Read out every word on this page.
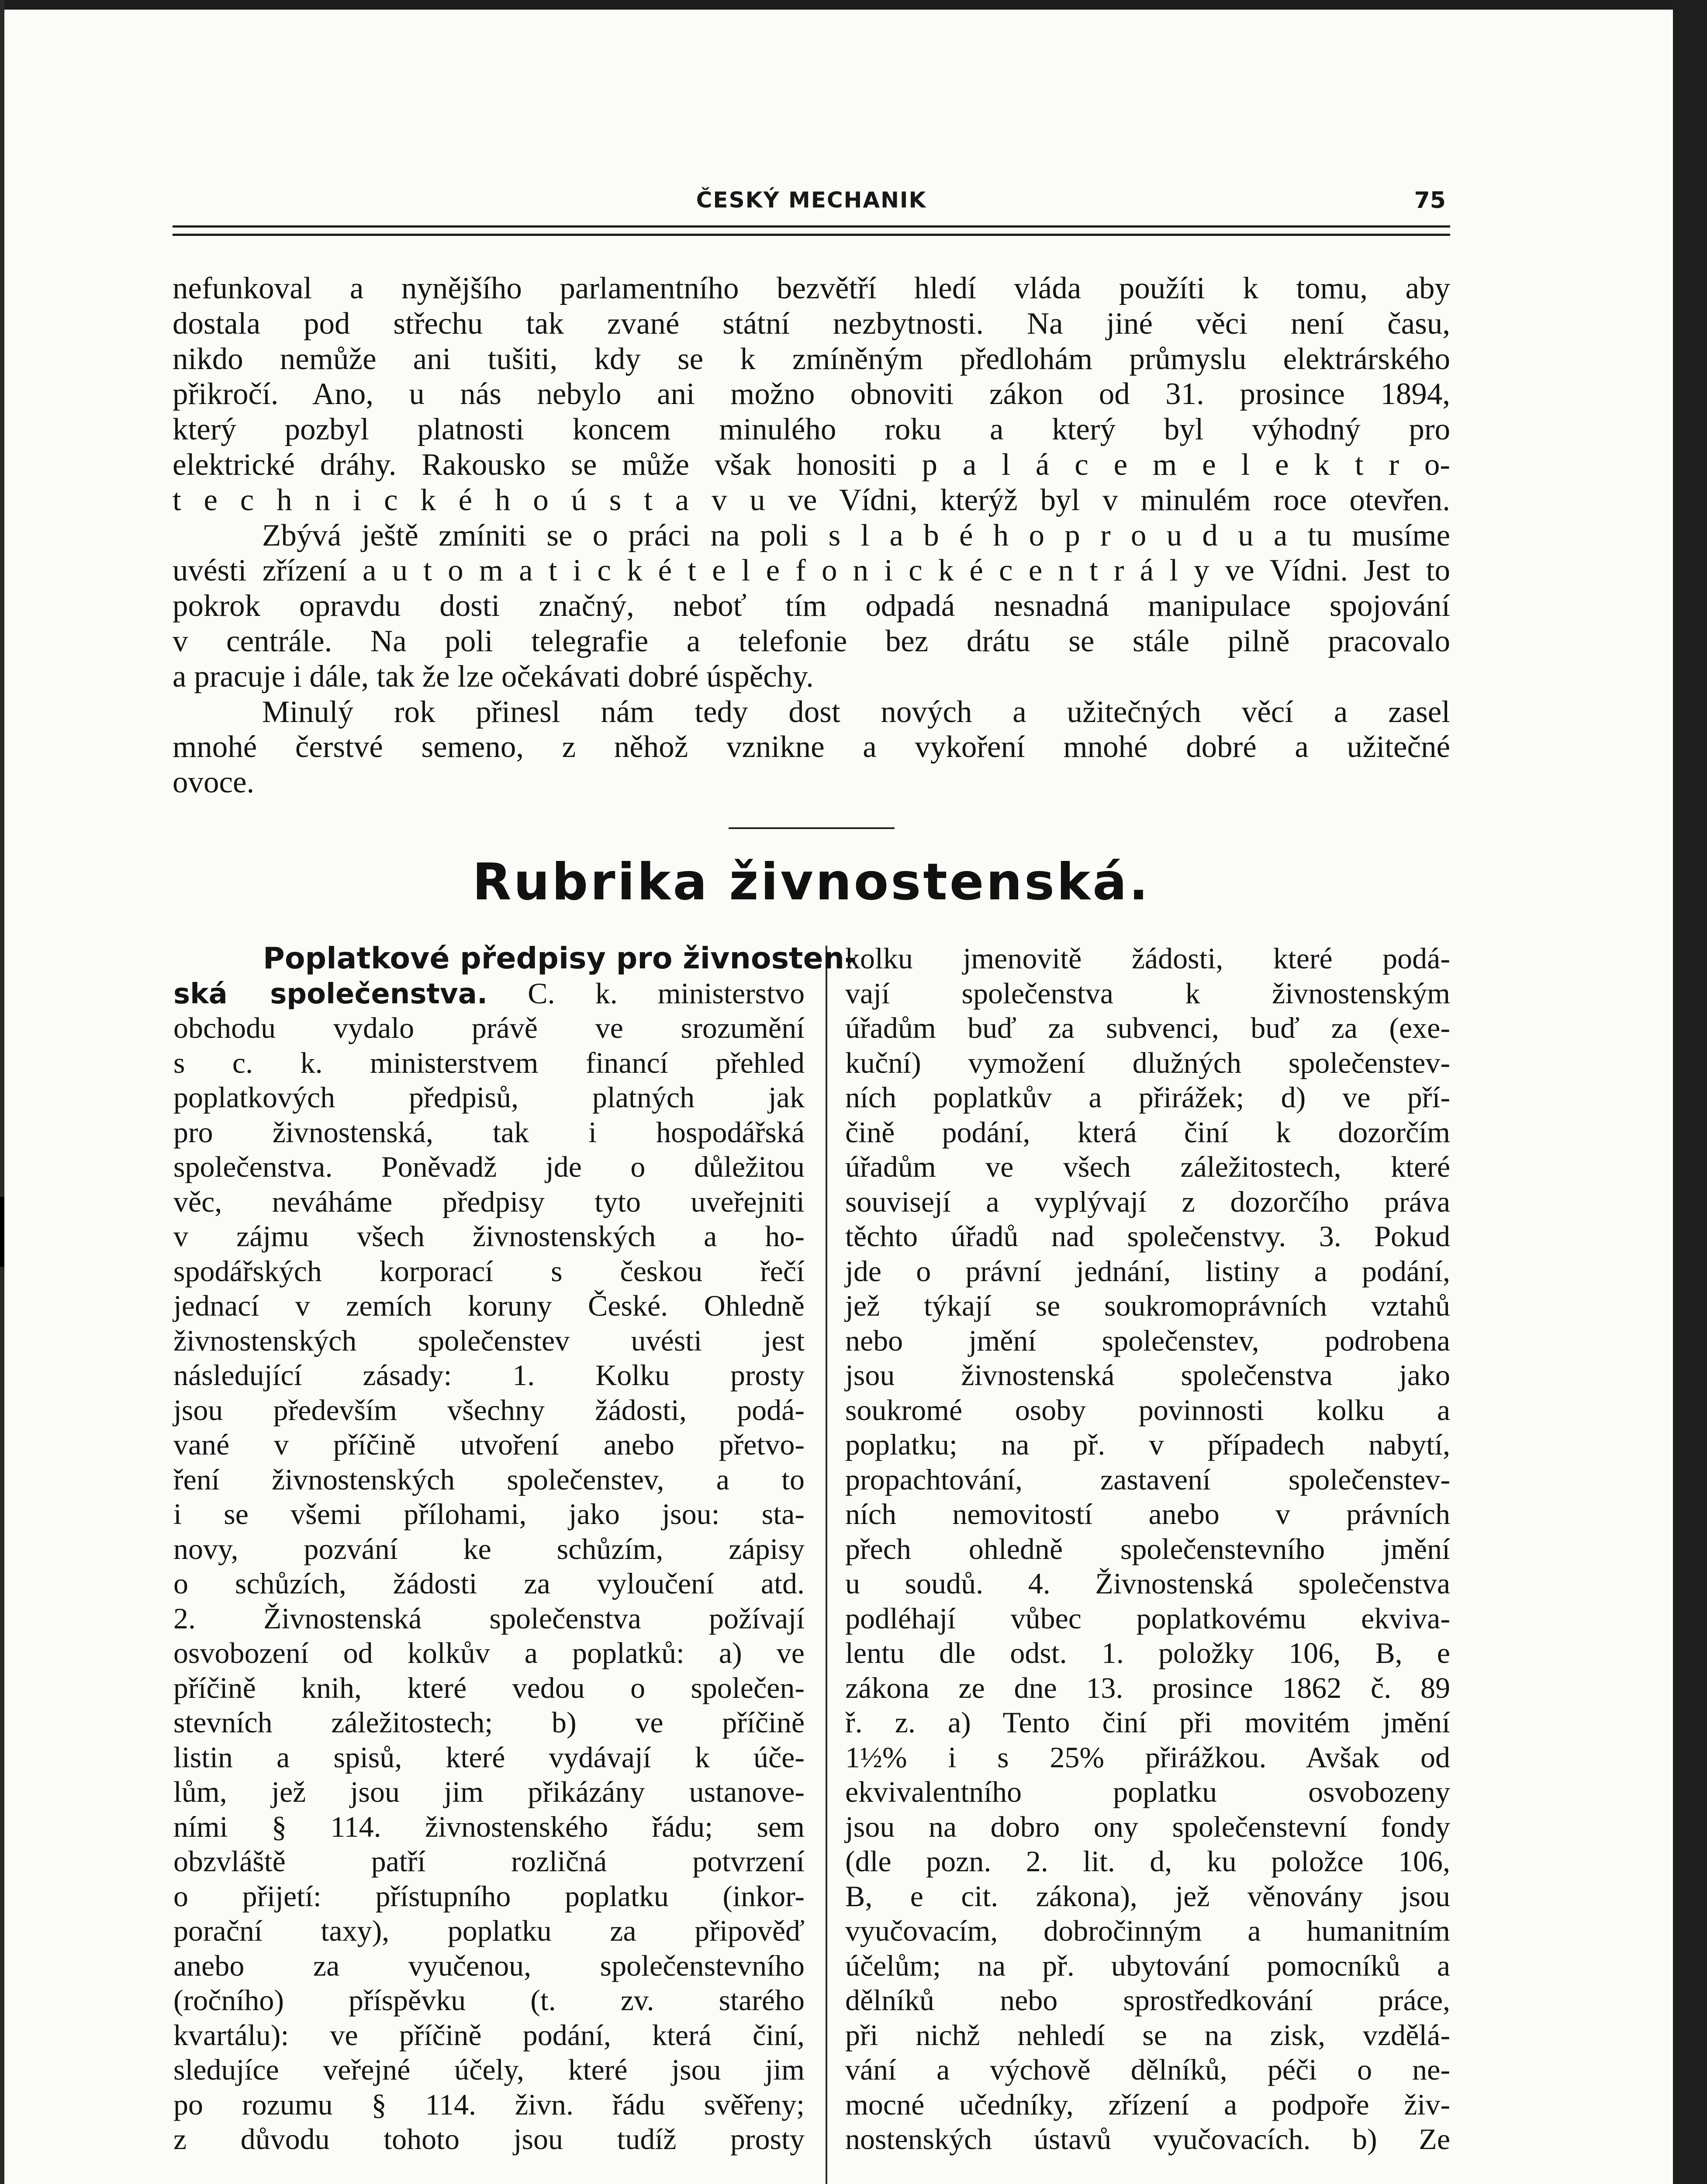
ČESKÝ MECHANIK	75
nefunkoval a nynějšího parlamentního bezvětří hledí vláda použíti k tomu, aby
dostala pod střechu tak zvané státní nezbytnosti. Na jiné věci není času,
nikdo nemůže ani tušiti, kdy se k zmíněným předlohám průmyslu elektrárského
přikročí. Ano, u nás nebylo ani možno obnoviti zákon od 31. prosince 1894,
který pozbyl platnosti koncem minulého roku a který byl výhodný pro
elektrické dráhy. Rakousko se může však honositi p a l á c e m e l e k t r o-
t e c h n i c k é h o ú s t a v u ve Vídni, kterýž byl v minulém roce otevřen.
Zbývá ještě zmíniti se o práci na poli s l a b é h o p r o u d u a tu musíme
uvésti zřízení a u t o m a t i c k é t e l e f o n i c k é c e n t r á l y ve Vídni. Jest to
pokrok opravdu dosti značný, neboť tím odpadá nesnadná manipulace spojování
v centrále. Na poli telegrafie a telefonie bez drátu se stále pilně pracovalo
a pracuje i dále, tak že lze očekávati dobré úspěchy.
Minulý rok přinesl nám tedy dost nových a užitečných věcí a zasel
mnohé čerstvé semeno, z něhož vznikne a vykoření mnohé dobré a užitečné
ovoce.
Rubrika živnostenská.
Poplatkové předpisy pro živnosten-
ská společenstva. C. k. ministerstvo
obchodu vydalo právě ve srozumění
s c. k. ministerstvem financí přehled
poplatkových předpisů, platných jak
pro živnostenská, tak i hospodářská
společenstva. Poněvadž jde o důležitou
věc, neváháme předpisy tyto uveřejniti
v zájmu všech živnostenských a ho-
spodářských korporací s českou řečí
jednací v zemích koruny České. Ohledně
živnostenských společenstev uvésti jest
následující zásady: 1. Kolku prosty
jsou především všechny žádosti, podá-
vané v příčině utvoření anebo přetvo-
ření živnostenských společenstev, a to
i se všemi přílohami, jako jsou: sta-
novy, pozvání ke schůzím, zápisy
o schůzích, žádosti za vyloučení atd.
2. Živnostenská společenstva požívají
osvobození od kolkův a poplatků: a) ve
příčině knih, které vedou o společen-
stevních záležitostech; b) ve příčině
listin a spisů, které vydávají k úče-
lům, jež jsou jim přikázány ustanove-
ními § 114. živnostenského řádu; sem
obzvláště patří rozličná potvrzení
o přijetí: přístupního poplatku (inkor-
porační taxy), poplatku za připověď
anebo za vyučenou, společenstevního
(ročního) příspěvku (t. zv. starého
kvartálu): ve příčině podání, která činí,
sledujíce veřejné účely, které jsou jim
po rozumu § 114. živn. řádu svěřeny;
z důvodu tohoto jsou tudíž prosty
kolku jmenovitě žádosti, které podá-
vají společenstva k živnostenským
úřadům buď za subvenci, buď za (exe-
kuční) vymožení dlužných společenstev-
ních poplatkův a přirážek; d) ve pří-
čině podání, která činí k dozorčím
úřadům ve všech záležitostech, které
souvisejí a vyplývají z dozorčího práva
těchto úřadů nad společenstvy. 3. Pokud
jde o právní jednání, listiny a podání,
jež týkají se soukromoprávních vztahů
nebo jmění společenstev, podrobena
jsou živnostenská společenstva jako
soukromé osoby povinnosti kolku a
poplatku; na př. v případech nabytí,
propachtování, zastavení společenstev-
ních nemovitostí anebo v právních
přech ohledně společenstevního jmění
u soudů. 4. Živnostenská společenstva
podléhají vůbec poplatkovému ekviva-
lentu dle odst. 1. položky 106, B, e
zákona ze dne 13. prosince 1862 č. 89
ř. z. a) Tento činí při movitém jmění
1½% i s 25% přirážkou. Avšak od
ekvivalentního poplatku osvobozeny
jsou na dobro ony společenstevní fondy
(dle pozn. 2. lit. d, ku položce 106,
B, e cit. zákona), jež věnovány jsou
vyučovacím, dobročinným a humanitním
účelům; na př. ubytování pomocníků a
dělníků nebo sprostředkování práce,
při nichž nehledí se na zisk, vzdělá-
vání a výchově dělníků, péči o ne-
mocné učedníky, zřízení a podpoře živ-
nostenských ústavů vyučovacích. b) Ze
